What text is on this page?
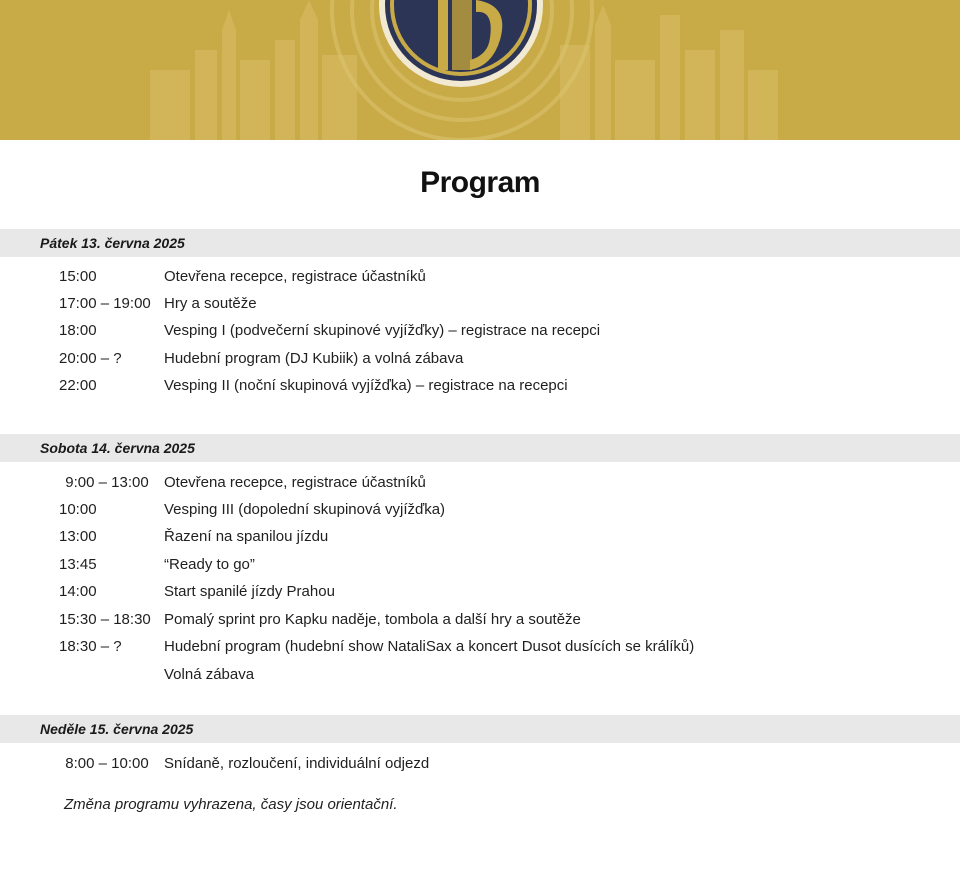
Program
Pátek 13. června 2025
15:00	Otevřena recepce, registrace účastníků
17:00 – 19:00 Hry a soutěže
18:00	Vesping I (podvečerní skupinové vyjížďky) – registrace na recepci
20:00 – ?	Hudební program (DJ Kubiik) a volná zábava
22:00	Vesping II (noční skupinová vyjížďka) – registrace na recepci
Sobota 14. června 2025
9:00 – 13:00	Otevřena recepce, registrace účastníků
10:00	Vesping III (dopolední skupinová vyjížďka)
13:00	Řazení na spanilou jízdu
13:45	“Ready to go”
14:00	Start spanilé jízdy Prahou
15:30 – 18:30 Pomalý sprint pro Kapku naděje, tombola a další hry a soutěže
18:30 – ?	Hudební program (hudební show NataliSax a koncert Dusot dusících se králíků)
Volná zábava
Neděle 15. června 2025
8:00 – 10:00	Snídaně, rozloučení, individuální odjezd
Změna programu vyhrazena, časy jsou orientační.
